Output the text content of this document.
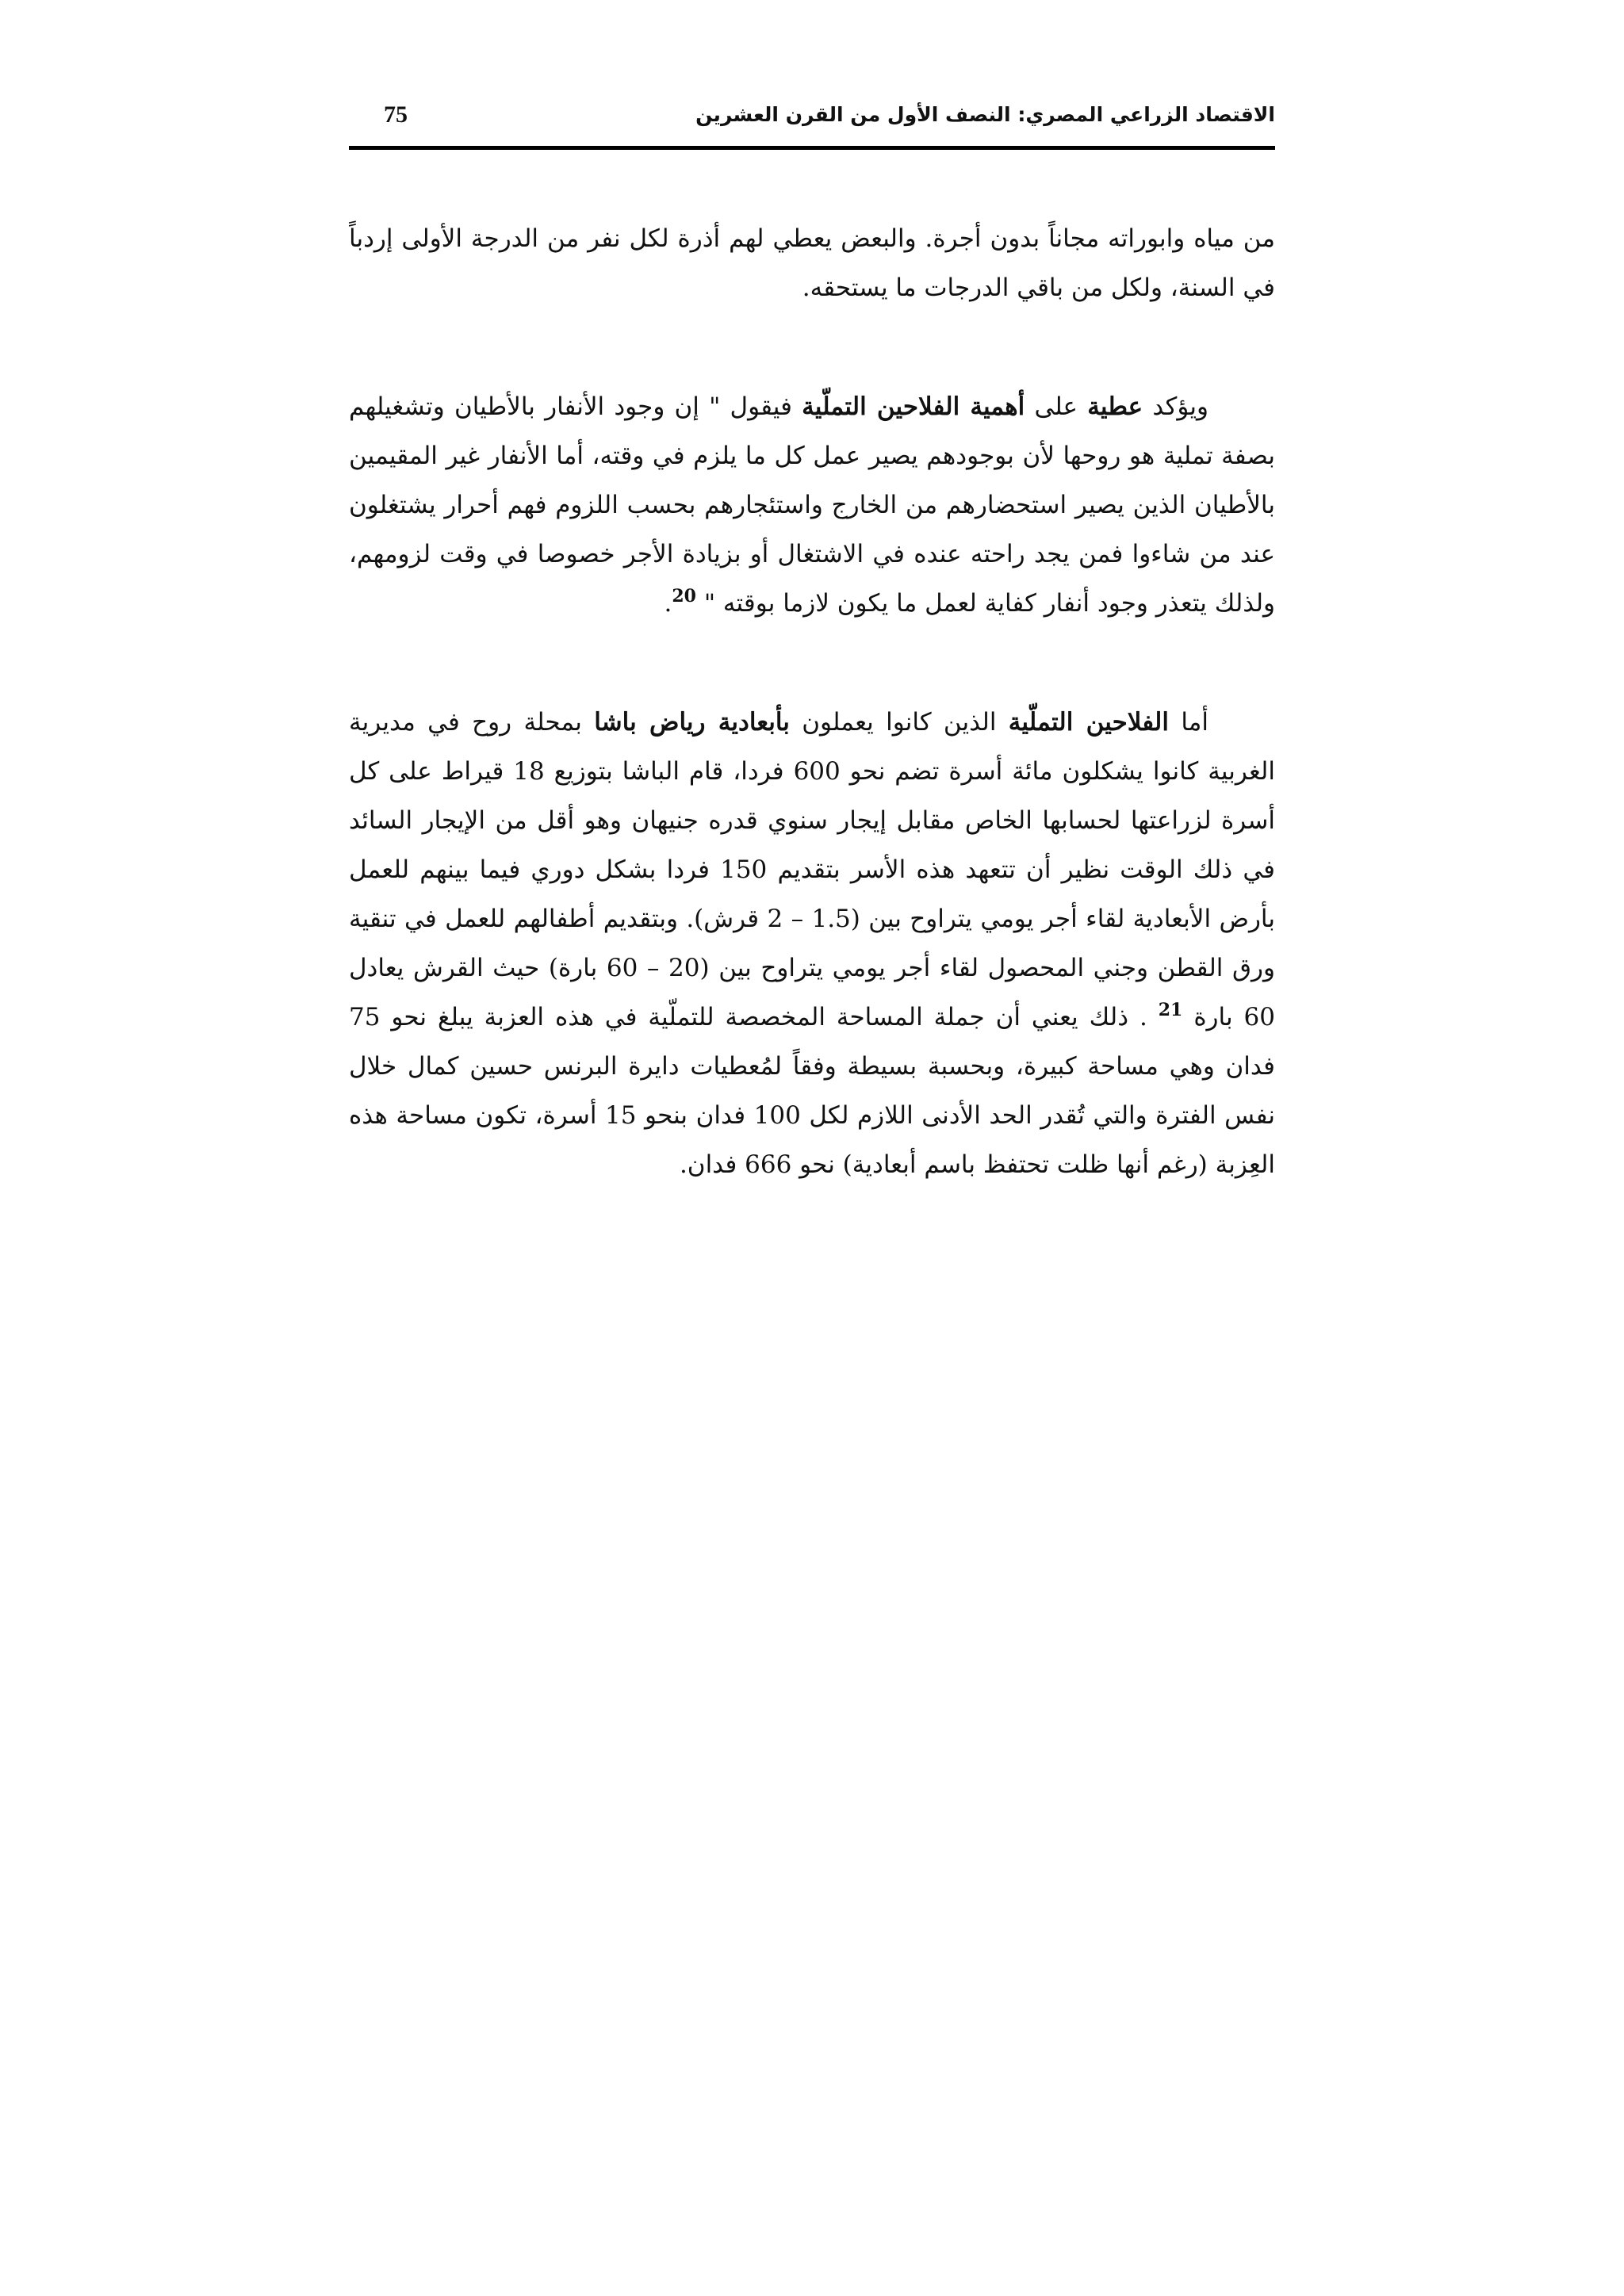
75	الاقتصاد الزراعي المصري: النصف الأول من القرن العشرين

من مياه وابوراته مجاناً بدون أجرة. والبعض يعطي لهم أذرة لكل نفر من الدرجة الأولى إردباً في السنة، ولكل من باقي الدرجات ما يستحقه.

ويؤكد عطية على أهمية الفلاحين التملّية فيقول " إن وجود الأنفار بالأطيان وتشغيلهم بصفة تملية هو روحها لأن بوجودهم يصير عمل كل ما يلزم في وقته، أما الأنفار غير المقيمين بالأطيان الذين يصير استحضارهم من الخارج واستئجارهم بحسب اللزوم فهم أحرار يشتغلون عند من شاءوا فمن يجد راحته عنده في الاشتغال أو بزيادة الأجر خصوصا في وقت لزومهم، ولذلك يتعذر وجود أنفار كفاية لعمل ما يكون لازما بوقته " $^{20}$.

أما الفلاحين التملّية الذين كانوا يعملون بأبعادية رياض باشا بمحلة روح في مديرية الغربية كانوا يشكلون مائة أسرة تضم نحو 600 فردا، قام الباشا بتوزيع 18 قيراط على كل أسرة لزراعتها لحسابها الخاص مقابل إيجار سنوي قدره جنيهان وهو أقل من الإيجار السائد في ذلك الوقت نظير أن تتعهد هذه الأسر بتقديم 150 فردا بشكل دوري فيما بينهم للعمل بأرض الأبعادية لقاء أجر يومي يتراوح بين (1.5 – 2 قرش). وبتقديم أطفالهم للعمل في تنقية ورق القطن وجني المحصول لقاء أجر يومي يتراوح بين (20 – 60 بارة) حيث القرش يعادل 60 بارة $^{21}$ . ذلك يعني أن جملة المساحة المخصصة للتملّية في هذه العزبة يبلغ نحو 75 فدان وهي مساحة كبيرة، وبحسبة بسيطة وفقاً لمُعطيات دايرة البرنس حسين كمال خلال نفس الفترة والتي تُقدر الحد الأدنى اللازم لكل 100 فدان بنحو 15 أسرة، تكون مساحة هذه العِزبة (رغم أنها ظلت تحتفظ باسم أبعادية) نحو 666 فدان.
